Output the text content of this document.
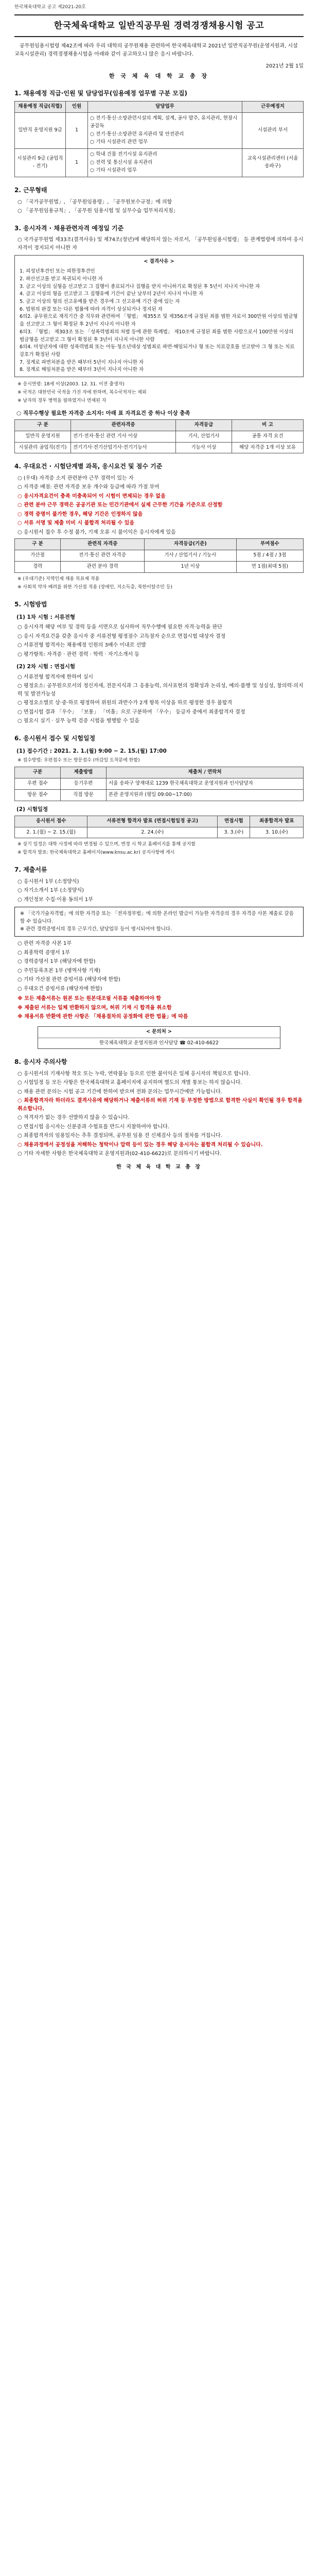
한국체육대학교 공고 제2021-20호
한국체육대학교 일반직공무원 경력경쟁채용시험 공고

공무원임용시험령 제42조에 따라 우리 대학의 공무원채용 관련하여 한국체육대학교 2021년 일반직공무원(운영지원과, 시설 교육시설관리) 경력경쟁채용시험을 아래와 같이 공고하오니 많은 응시 바랍니다.

2021년 2월 1일
한 국 체 육 대 학 교 총 장
1. 채용예정 직급·인원 및 담당업무(임용예정 업무별 구분 모집)
채용예정 직급(직렬)	인원	담당업무	근무예정지
일반직 운영지원 9급	1	○ 전기·통신·소방관련시설의 계획, 설계, 공사 발주, 유지관리, 현장시공감독
○ 전기·통신·소방관련 유지관리 및 안전관리
○ 기타 시설관리 관련 업무	시설관리 부서
시설관리 9급 (공업직 - 전기)	1	○ 학내 건물 전기시설 유지관리
○ 전력 및 통신시설 유지관리
○ 기타 시설관리 업무	교육시설관리센터 (서울 송파구)
2. 근무형태
○ 「국가공무원법」, 「공무원임용령」, 「공무원보수규정」에 의함
○ 「공무원임용규칙」, 「공무원 임용시험 및 실무수습 업무처리지침」
3. 응시자격 · 채용관련자격 예정일 기준
○ 국가공무원법 제33조(결격사유) 및 제74조(정년)에 해당하지 않는 자로서, 「공무원임용시험령」 등 관계법령에 의하여 응시자격이 정지되지 아니한 자
< 결격사유 >
1. 피성년후견인 또는 피한정후견인
2. 파산선고를 받고 복권되지 아니한 자
3. 금고 이상의 실형을 선고받고 그 집행이 종료되거나 집행을 받지 아니하기로 확정된 후 5년이 지나지 아니한 자
4. 금고 이상의 형을 선고받고 그 집행유예 기간이 끝난 날부터 2년이 지나지 아니한 자
5. 금고 이상의 형의 선고유예를 받은 경우에 그 선고유예 기간 중에 있는 자
6. 법원의 판결 또는 다른 법률에 따라 자격이 상실되거나 정지된 자
6의2. 공무원으로 재직기간 중 직무와 관련하여 「형법」 제355조 및 제356조에 규정된 죄를 범한 자로서 300만원 이상의 벌금형을 선고받고 그 형이 확정된 후 2년이 지나지 아니한 자
6의3. 「형법」 제303조 또는 「성폭력범죄의 처벌 등에 관한 특례법」 제10조에 규정된 죄를 범한 사람으로서 100만원 이상의 벌금형을 선고받고 그 형이 확정된 후 3년이 지나지 아니한 사람
6의4. 미성년자에 대한 성폭력범죄 또는 아동·청소년대상 성범죄로 파면·해임되거나 형 또는 치료감호를 선고받아 그 형 또는 치료감호가 확정된 사람
7. 징계로 파면처분을 받은 때부터 5년이 지나지 아니한 자
8. 징계로 해임처분을 받은 때부터 3년이 지나지 아니한 자
※ 응시연령: 18세 이상(2003. 12. 31. 이전 출생자)
※ 국적은 대한민국 국적을 가진 자에 한하며, 복수국적자는 제외
※ 남자의 경우 병역을 필하였거나 면제된 자
○ 직무수행상 필요한 자격증 소지자: 아래 표 자격요건 중 하나 이상 충족
구 분	관련자격증	자격등급	비 고
일반직 운영지원	전기·전자·통신 관련 기사 이상	기사, 산업기사	공통 자격 요건
시설관리 공업직(전기)	전기기사·전기산업기사·전기기능사	기능사 이상	해당 자격증 1개 이상 보유
4. 우대요건 · 시험단계별 과목, 응시요건 및 점수 기준
○ (우대) 자격증 소지 관련분야 근무 경력이 있는 자
○ 자격증 배점: 관련 자격증 보유 개수와 등급에 따라 가점 부여
○ 응시자격요건이 충족 미충족되어 이 시험이 면제되는 경우 없음
○ 관련 분야 근무 경력은 공공기관 또는 민간기관에서 실제 근무한 기간을 기준으로 산정함
○ 경력 증명이 불가한 경우, 해당 기간은 인정하지 않음
○ 서류 서명 및 제출 미비 시 불합격 처리될 수 있음
○ 응시원서 접수 후 수정 불가, 기재 오류 시 불이익은 응시자에게 있음
구 분	관련직 자격증	자격등급(기준)	부여점수
가산점	전기·통신 관련 자격증	기사 / 산업기사 / 기능사	5점 / 4점 / 3점
경력	관련 분야 경력	1년 이상	연 1점(최대 5점)
※ (우대기준) 지역인재 채용 목표제 적용
※ 사회적 약자 배려를 위한 가산점 적용 (장애인, 저소득층, 북한이탈주민 등)
5. 시험방법
(1) 1차 시험 : 서류전형
○ 응시자격 해당 여부 및 경력 등을 서면으로 심사하여 직무수행에 필요한 자격·능력을 판단
○ 응시 자격요건을 갖춘 응시자 중 서류전형 평정점수 고득점자 순으로 면접시험 대상자 결정
○ 서류전형 합격자는 채용예정 인원의 3배수 이내로 선발
○ 평가항목: 자격증 · 관련 경력 · 학력 · 자기소개서 등
(2) 2차 시험 : 면접시험
○ 서류전형 합격자에 한하여 실시
○ 평정요소: 공무원으로서의 정신자세, 전문지식과 그 응용능력, 의사표현의 정확성과 논리성, 예의·품행 및 성실성, 창의력·의지력 및 발전가능성
○ 평정요소별로 상·중·하로 평정하여 위원의 과반수가 2개 항목 이상을 하로 평정한 경우 불합격
○ 면접시험 결과 「우수」 「보통」 「미흡」으로 구분하여 「우수」 등급자 중에서 최종합격자 결정
○ 필요시 실기 · 실무 능력 검증 시험을 병행할 수 있음
6. 응시원서 접수 및 시험일정
(1) 접수기간 : 2021. 2. 1.(월) 9:00 ~ 2. 15.(월) 17:00
※ 접수방법: 우편접수 또는 방문접수 (마감일 도착분에 한함)
구분	제출방법	제출처 / 연락처
우편 접수	등기우편	서울 송파구 양재대로 1239 한국체육대학교 운영지원과 인사담당자
방문 접수	직접 방문	본관 운영지원과 (평일 09:00~17:00)
(2) 시험일정
응시원서 접수	서류전형 합격자 발표 (면접시험일정 공고)	면접시험	최종합격자 발표
2. 1.(월) ~ 2. 15.(월)	2. 24.(수)	3. 3.(수)	3. 10.(수)
※ 상기 일정은 대학 사정에 따라 변경될 수 있으며, 변경 시 학교 홈페이지를 통해 공지함
※ 합격자 발표: 한국체육대학교 홈페이지(www.knsu.ac.kr) 공지사항에 게시
7. 제출서류
○ 응시원서 1부 (소정양식)
○ 자기소개서 1부 (소정양식)
○ 개인정보 수집·이용 동의서 1부
※ 「국가기술자격법」에 의한 자격증 또는 「전자정부법」에 의한 온라인 발급이 가능한 자격증의 경우 자격증 사본 제출로 갈음할 수 있습니다.
※ 관련 경력증명서의 경우 근무기간, 담당업무 등이 명시되어야 합니다.
○ 관련 자격증 사본 1부
○ 최종학력 증명서 1부
○ 경력증명서 1부 (해당자에 한함)
○ 주민등록초본 1부 (병역사항 기재)
○ 기타 가산점 관련 증빙서류 (해당자에 한함)
○ 우대요건 증빙서류 (해당자에 한함)
※ 모든 제출서류는 원본 또는 원본대조필 서류를 제출하여야 함
※ 제출된 서류는 일체 반환하지 않으며, 허위 기재 시 합격을 취소함
※ 채용서류 반환에 관한 사항은 「채용절차의 공정화에 관한 법률」에 따름
< 문의처 >
한국체육대학교 운영지원과 인사담당 ☎ 02-410-6622
8. 응시자 주의사항
○ 응시원서의 기재사항 착오 또는 누락, 연락불능 등으로 인한 불이익은 일체 응시자의 책임으로 합니다.
○ 시험일정 등 모든 사항은 한국체육대학교 홈페이지에 공지하며 별도의 개별 통보는 하지 않습니다.
○ 채용 관련 문의는 시험 공고 기간에 한하여 받으며 전화 문의는 업무시간에만 가능합니다.
○ 최종합격자라 하더라도 결격사유에 해당하거나 제출서류의 허위 기재 등 부정한 방법으로 합격한 사실이 확인될 경우 합격을 취소합니다.
○ 적격자가 없는 경우 선발하지 않을 수 있습니다.
○ 면접시험 응시자는 신분증과 수험표를 반드시 지참하여야 합니다.
○ 최종합격자의 임용일자는 추후 결정되며, 공무원 임용 전 신체검사 등의 절차를 거칩니다.
○ 채용과정에서 공정성을 저해하는 청탁이나 압력 등이 있는 경우 해당 응시자는 불합격 처리될 수 있습니다.
○ 기타 자세한 사항은 한국체육대학교 운영지원과(02-410-6622)로 문의하시기 바랍니다.
한 국 체 육 대 학 교 총 장
